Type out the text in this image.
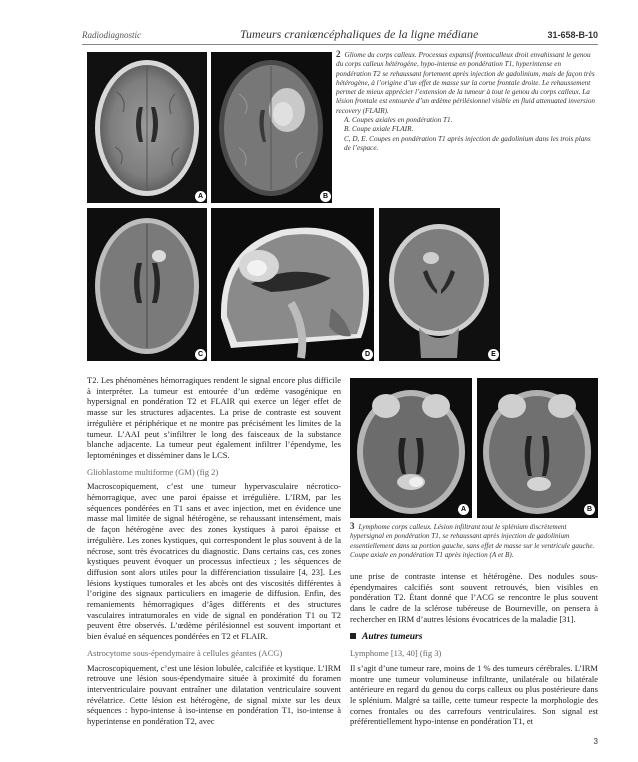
Radiodiagnostic	Tumeurs craniœncéphaliques de la ligne médiane	31-658-B-10
A	B
2 Gliome du corps calleux. Processus expansif frontocalleux droit envahissant le genou du corps calleux hétérogène, hypo-intense en pondération T1, hyperintense en pondération T2 se rehaussant fortement après injection de gadolinium, mais de façon très hétérogène, à l’origine d’un effet de masse sur la corne frontale droite. Le rehaussement permet de mieux apprécier l’extension de la tumeur à tout le genou du corps calleux. La lésion frontale est entourée d’un œdème périlésionnel visible en fluid attenuated inversion recovery (FLAIR).
A. Coupes axiales en pondération T1.
B. Coupe axiale FLAIR.
C, D, E. Coupes en pondération T1 après injection de gadolinium dans les trois plans de l’espace.
C	D	E

T2. Les phénomènes hémorragiques rendent le signal encore plus difficile à interpréter. La tumeur est entourée d’un œdème vasogénique en hypersignal en pondération T2 et FLAIR qui exerce un léger effet de masse sur les structures adjacentes. La prise de contraste est souvent irrégulière et périphérique et ne montre pas précisément les limites de la tumeur. L’AAI peut s’infiltrer le long des faisceaux de la substance blanche adjacente. La tumeur peut également infiltrer l’épendyme, les leptoméninges et disséminer dans le LCS.

Glioblastome multiforme (GM) (fig 2)

Macroscopiquement, c’est une tumeur hypervasculaire nécrotico-hémorragique, avec une paroi épaisse et irrégulière. L’IRM, par les séquences pondérées en T1 sans et avec injection, met en évidence une masse mal limitée de signal hétérogène, se rehaussant intensément, mais de façon hétérogène avec des zones kystiques à paroi épaisse et irrégulière. Les zones kystiques, qui correspondent le plus souvent à de la nécrose, sont très évocatrices du diagnostic. Dans certains cas, ces zones kystiques peuvent évoquer un processus infectieux ; les séquences de diffusion sont alors utiles pour la différenciation tissulaire [4, 23]. Les lésions kystiques tumorales et les abcès ont des viscosités différentes à l’origine des signaux particuliers en imagerie de diffusion. Enfin, des remaniements hémorragiques d’âges différents et des structures vasculaires intratumorales en vide de signal en pondération T1 ou T2 peuvent être observés. L’œdème périlésionnel est souvent important et bien évalué en séquences pondérées en T2 et FLAIR.

Astrocytome sous-épendymaire à cellules géantes (ACG)

Macroscopiquement, c’est une lésion lobulée, calcifiée et kystique. L’IRM retrouve une lésion sous-épendymaire située à proximité du foramen interventriculaire pouvant entraîner une dilatation ventriculaire souvent révélatrice. Cette lésion est hétérogène, de signal mixte sur les deux séquences : hypo-intense à iso-intense en pondération T1, iso-intense à hyperintense en pondération T2, avec

A	B
3 Lymphome corps calleux. Lésion infiltrant tout le splénium discrètement hypersignal en pondération T1, se rehaussant après injection de gadolinium essentiellement dans sa portion gauche, sans effet de masse sur le ventricule gauche. Coupe axiale en pondération T1 après injection (A et B).

une prise de contraste intense et hétérogène. Des nodules sous-épendymaires calcifiés sont souvent retrouvés, bien visibles en pondération T2. Étant donné que l’ACG se rencontre le plus souvent dans le cadre de la sclérose tubéreuse de Bourneville, on pensera à rechercher en IRM d’autres lésions évocatrices de la maladie [31].

Autres tumeurs
Lymphome [13, 40] (fig 3)

Il s’agit d’une tumeur rare, moins de 1 % des tumeurs cérébrales. L’IRM montre une tumeur volumineuse infiltrante, unilatérale ou bilatérale antérieure en regard du genou du corps calleux ou plus postérieure dans le splénium. Malgré sa taille, cette tumeur respecte la morphologie des cornes frontales ou des carrefours ventriculaires. Son signal est préférentiellement hypo-intense en pondération T1, et

3
